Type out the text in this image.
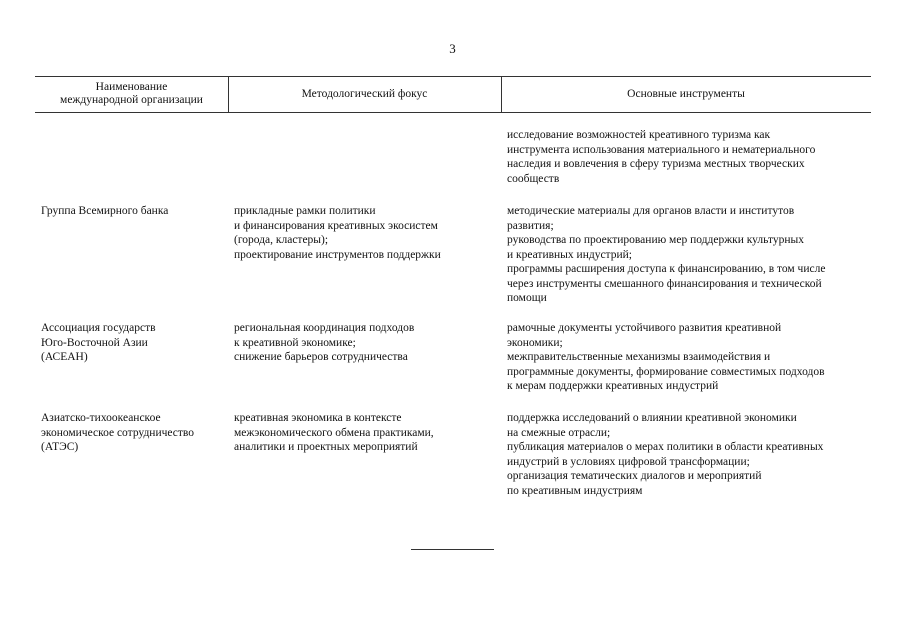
3
Наименование
международной организации
Методологический фокус	Основные инструменты
исследование возможностей креативного туризма как
инструмента использования материального и нематериального
наследия и вовлечения в сферу туризма местных творческих
сообществ
Группа Всемирного банка	прикладные рамки политики
и финансирования креативных экосистем
(города, кластеры);
проектирование инструментов поддержки
методические материалы для органов власти и институтов
развития;
руководства по проектированию мер поддержки культурных
и креативных индустрий;
программы расширения доступа к финансированию, в том числе
через инструменты смешанного финансирования и технической
помощи
Ассоциация государств
Юго-Восточной Азии
(АСЕАН)
региональная координация подходов
к креативной экономике;
снижение барьеров сотрудничества
рамочные документы устойчивого развития креативной
экономики;
межправительственные механизмы взаимодействия и
программные документы, формирование совместимых подходов
к мерам поддержки креативных индустрий
Азиатско-тихоокеанское
экономическое сотрудничество
(АТЭС)
креативная экономика в контексте
межэкономического обмена практиками,
аналитики и проектных мероприятий
поддержка исследований о влиянии креативной экономики
на смежные отрасли;
публикация материалов о мерах политики в области креативных
индустрий в условиях цифровой трансформации;
организация тематических диалогов и мероприятий
по креативным индустриям
